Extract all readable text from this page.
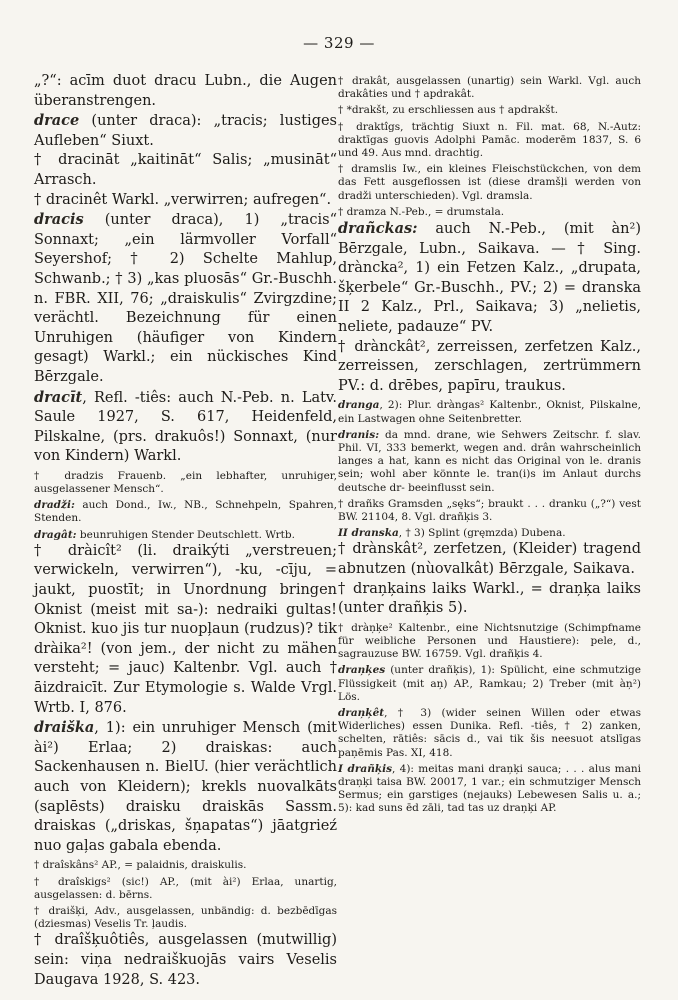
— 329 —

„?“: acīm duot dracu Lubn., die Augen überanstrengen.

drace (unter draca): „tracis; lustiges Aufleben“ Siuxt.

† dracināt „kaitināt“ Salis; „musināt“ Arrasch.

† dracinêt Warkl. „verwirren; aufregen“.

dracis (unter draca), 1) „tracis“ Sonnaxt; „ein lärmvoller Vorfall“ Seyershof; † 2) Schelte Mahlup, Schwanb.; † 3) „kas pluosās“ Gr.-Buschh. n. FBR. XII, 76; „draiskulis“ Zvirgzdine; verächtl. Bezeichnung für einen Unruhigen (häufiger von Kindern gesagt) Warkl.; ein nückisches Kind Bērzgale.

dracīt, Refl. -tiês: auch N.-Peb. n. Latv. Saule 1927, S. 617, Heidenfeld, Pilskalne, (prs. drakuôs!) Sonnaxt, (nur von Kindern) Warkl.

† dradzis Frauenb. „ein lebhafter, unruhiger, ausgelassener Mensch“.

dradži: auch Dond., Iw., NB., Schnehpeln, Spahren, Stenden.

dragât: beunruhigen Stender Deutschlett. Wrtb.

† dràicît² (li. draikýti „verstreuen; verwickeln, verwirren“), -ku, -cīju, = jaukt, puostīt; in Unordnung bringen Oknist (meist mit sa-): nedraiki gultas! Oknist. kuo jis tur nuopļaun (rudzus)? tik dràika²! (von jem., der nicht zu mähen versteht; = jauc) Kaltenbr. Vgl. auch † āizdraicīt. Zur Etymologie s. Walde Vrgl. Wrtb. I, 876.

draiška, 1): ein unruhiger Mensch (mit ài²) Erlaa; 2) draiskas: auch Sackenhausen n. BielU. (hier verächtlich auch von Kleidern); krekls nuovalkāts (saplēsts) draisku draiskās Sassm. draiskas („driskas, šņapatas“) jāatgrieź nuo gaļas gabala ebenda.

† draîskâns² AP., = palaidnis, draiskulis.

† draîskigs² (sic!) AP., (mit ài²) Erlaa, unartig, ausgelassen: d. bērns.

† draišķi, Adv., ausgelassen, unbändig: d. bezbēdīgas (dziesmas) Veselis Tr. ļaudis.

† draîšķuôtiês, ausgelassen (mutwillig) sein: viņa nedraiškuojās vairs Veselis Daugava 1928, S. 423.

† drakât, ausgelassen (unartig) sein Warkl. Vgl. auch drakâties und † apdrakât.

† *drakšt, zu erschliessen aus † apdrakšt.

† draktîgs, trächtig Siuxt n. Fil. mat. 68, N.-Autz: draktīgas guovis Adolphi Pamāc. moderēm 1837, S. 6 und 49. Aus mnd. drachtig.

† dramslis Iw., ein kleines Fleischstückchen, von dem das Fett ausgeflossen ist (diese dramšļi werden von dradži unterschieden). Vgl. dramsla.

† dramza N.-Peb., = drumstala.

drañckas: auch N.-Peb., (mit àn²) Bērzgale, Lubn., Saikava. — † Sing. dràncka², 1) ein Fetzen Kalz., „drupata, šķerbele“ Gr.-Buschh., PV.; 2) = dranska II 2 Kalz., Prl., Saikava; 3) „nelietis, neliete, padauze“ PV.

† drànckât², zerreissen, zerfetzen Kalz., zerreissen, zerschlagen, zertrümmern PV.: d. drēbes, papīru, traukus.

dranga, 2): Plur. dràngas² Kaltenbr., Oknist, Pilskalne, ein Lastwagen ohne Seitenbretter.

dranis: da mnd. drane, wie Sehwers Zeitschr. f. slav. Phil. VI, 333 bemerkt, wegen and. drân wahrscheinlich langes a hat, kann es nicht das Original von le. dranis sein; wohl aber könnte le. tran(i)s im Anlaut durchs deutsche dr- beeinflusst sein.

† drañks Gramsden „sęks“; braukt . . . dranku („?“) vest BW. 21104, 8. Vgl. drañķis 3.

II dranska, † 3) Splint (gręmzda) Dubena.

† drànskât², zerfetzen, (Kleider) tragend abnutzen (nùovalkât) Bērzgale, Saikava.

† draņķains laiks Warkl., = draņķa laiks (unter drañķis 5).

† dràņķe² Kaltenbr., eine Nichtsnutzige (Schimpfname für weibliche Personen und Haustiere): pele, d., sagrauzuse BW. 16759. Vgl. drañķis 4.

draņķes (unter drañķis), 1): Spülicht, eine schmutzige Flüssigkeit (mit aņ) AP., Ramkau; 2) Treber (mit àņ²) Lös.

draņķêt, † 3) (wider seinen Willen oder etwas Widerliches) essen Dunika. Refl. -tiês, † 2) zanken, schelten, rātiês: sācis d., vai tik šis neesuot atslīgas paņēmis Pas. XI, 418.

I drañķis, 4): meitas mani draņķi sauca; . . . alus mani draņķi taisa BW. 20017, 1 var.; ein schmutziger Mensch Sermus; ein garstiges (nejauks) Lebewesen Salis u. a.; 5): kad suns ēd zāli, tad tas uz draņķi AP.
